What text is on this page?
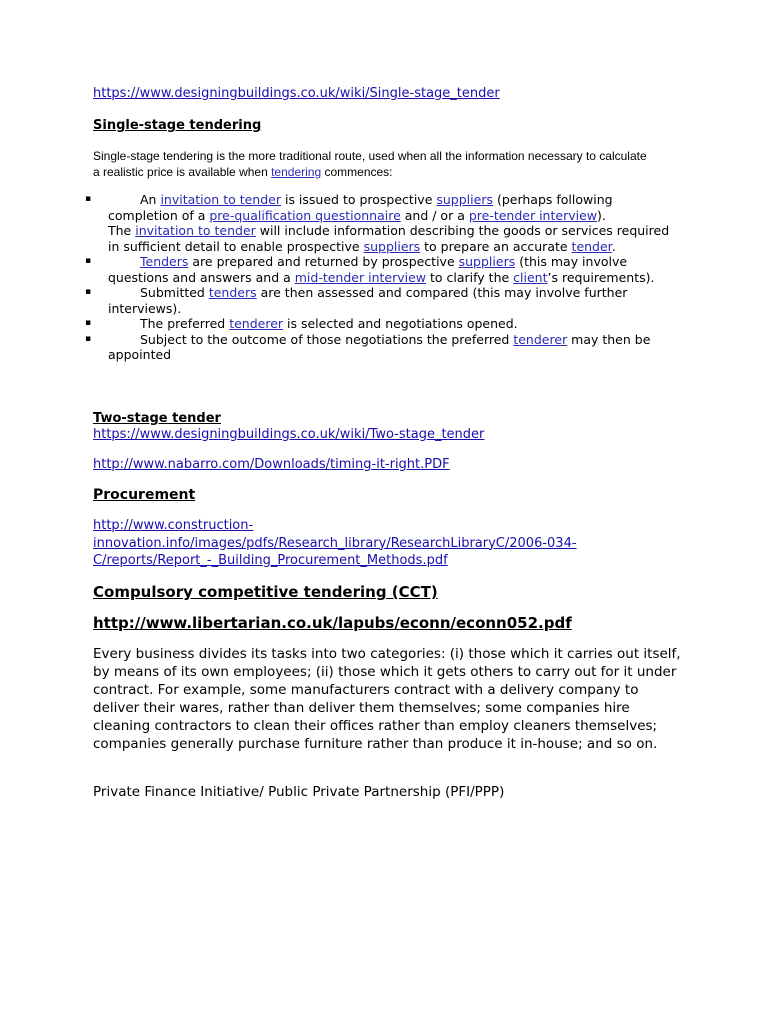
https://www.designingbuildings.co.uk/wiki/Single-stage_tender
Single-stage tendering
Single-stage tendering is the more traditional route, used when all the information necessary to calculate a realistic price is available when tendering commences:
▪	An invitation to tender is issued to prospective suppliers (perhaps following completion of a pre-qualification questionnaire and / or a pre-tender interview).
The invitation to tender will include information describing the goods or services required in sufficient detail to enable prospective suppliers to prepare an accurate tender.
▪	Tenders are prepared and returned by prospective suppliers (this may involve questions and answers and a mid-tender interview to clarify the client’s requirements).
▪	Submitted tenders are then assessed and compared (this may involve further interviews).
▪	The preferred tenderer is selected and negotiations opened.
▪	Subject to the outcome of those negotiations the preferred tenderer may then be appointed
Two-stage tender
https://www.designingbuildings.co.uk/wiki/Two-stage_tender
http://www.nabarro.com/Downloads/timing-it-right.PDF
Procurement
http://www.construction-
innovation.info/images/pdfs/Research_library/ResearchLibraryC/2006-034-
C/reports/Report_-_Building_Procurement_Methods.pdf
Compulsory competitive tendering (CCT)
http://www.libertarian.co.uk/lapubs/econn/econn052.pdf
Every business divides its tasks into two categories: (i) those which it carries out itself, by means of its own employees; (ii) those which it gets others to carry out for it under contract. For example, some manufacturers contract with a delivery company to deliver their wares, rather than deliver them themselves; some companies hire cleaning contractors to clean their offices rather than employ cleaners themselves; companies generally purchase furniture rather than produce it in-house; and so on.
Private Finance Initiative/ Public Private Partnership (PFI/PPP)
